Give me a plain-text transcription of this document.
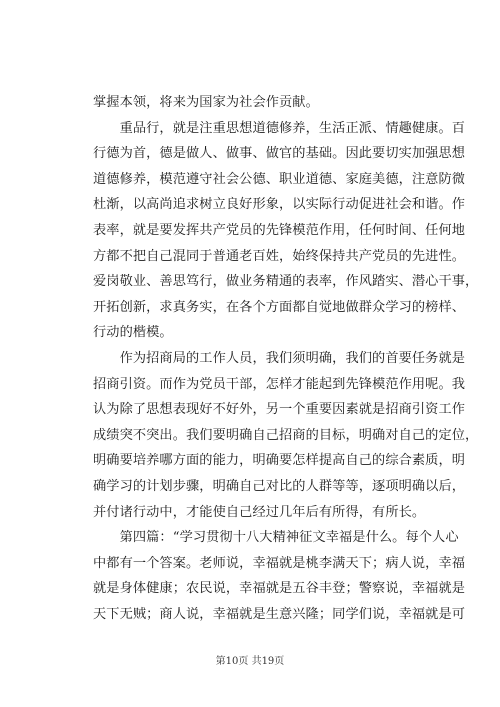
掌握本领，将来为国家为社会作贡献。
　　重品行，就是注重思想道德修养，生活正派、情趣健康。百
行德为首，德是做人、做事、做官的基础。因此要切实加强思想
道德修养，模范遵守社会公德、职业道德、家庭美德，注意防微
杜渐，以高尚追求树立良好形象，以实际行动促进社会和谐。作
表率，就是要发挥共产党员的先锋模范作用，任何时间、任何地
方都不把自己混同于普通老百姓，始终保持共产党员的先进性。
爱岗敬业、善思笃行，做业务精通的表率，作风踏实、潜心干事，
开拓创新，求真务实，在各个方面都自觉地做群众学习的榜样、
行动的楷模。
　　作为招商局的工作人员，我们须明确，我们的首要任务就是
招商引资。而作为党员干部，怎样才能起到先锋模范作用呢。我
认为除了思想表现好不好外，另一个重要因素就是招商引资工作
成绩突不突出。我们要明确自己招商的目标，明确对自己的定位，
明确要培养哪方面的能力，明确要怎样提高自己的综合素质，明
确学习的计划步骤，明确自己对比的人群等等，逐项明确以后，
并付诸行动中，才能使自己经过几年后有所得，有所长。
　　第四篇：“学习贯彻十八大精神征文幸福是什么。每个人心
中都有一个答案。老师说，幸福就是桃李满天下；病人说，幸福
就是身体健康；农民说，幸福就是五谷丰登；警察说，幸福就是
天下无贼；商人说，幸福就是生意兴隆；同学们说，幸福就是可
第10页 共19页
